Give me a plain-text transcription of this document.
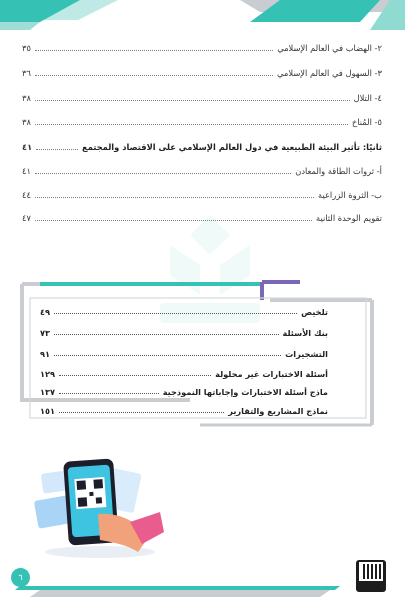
٢- الهضاب في العالم الإسلامي
٣٥
٣- السهول في العالم الإسلامي
٣٦
٤- التلال
٣٨
٥- المُناخ
٣٨
ثانيًا: تأثير البيئة الطبيعية في دول العالم الإسلامي على الاقتصاد والمجتمع
٤١
أ- ثروات الطاقة والمعادن
٤١
ب- الثروة الزراعية
٤٤
تقويم الوحدة الثانية
٤٧
تلخيص
٤٩
بنك الأسئلة
٧٣
التشجيرات
٩١
أسئلة الاختبارات غير محلولة
١٢٩
ماذج أسئلة الاختبارات وإجاباتها النموذجية
١٣٧
نماذج المشاريع والتقارير
١٥١
٦
